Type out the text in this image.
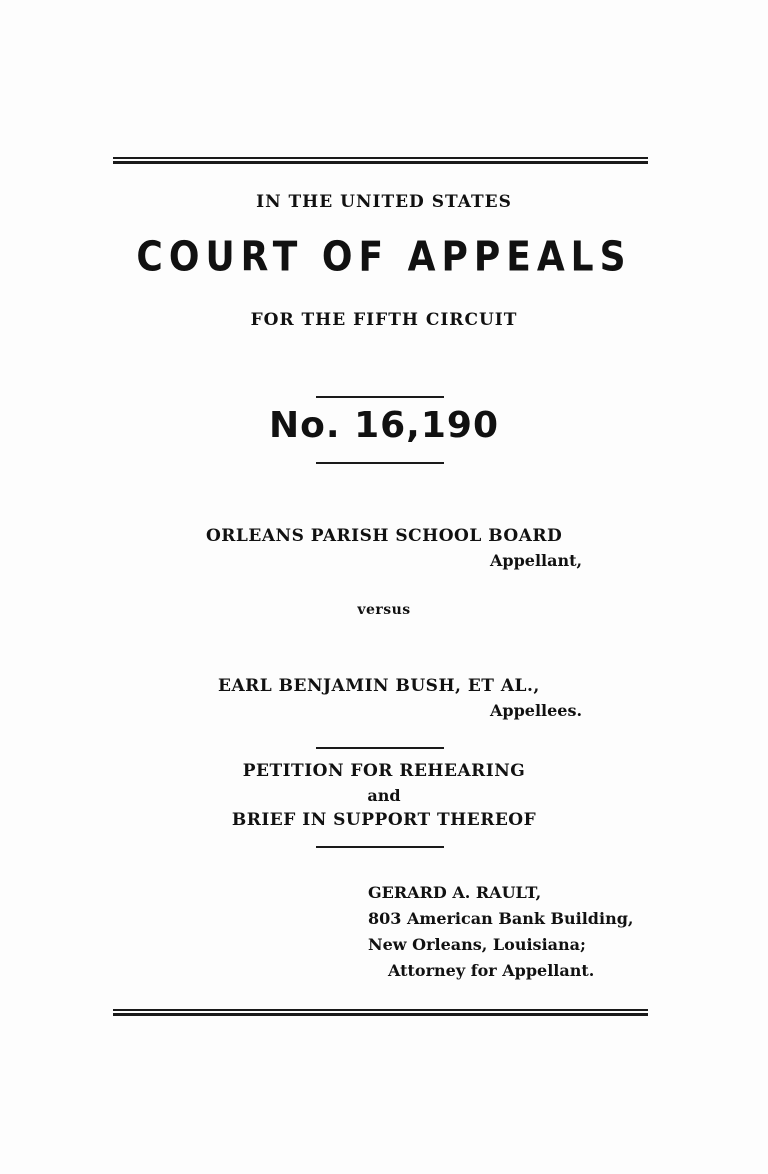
IN THE UNITED STATES
COURT OF APPEALS
FOR THE FIFTH CIRCUIT
No. 16,190
ORLEANS PARISH SCHOOL BOARD
Appellant,
versus
EARL BENJAMIN BUSH, ET AL.,
Appellees.
PETITION FOR REHEARING
and
BRIEF IN SUPPORT THEREOF
GERARD A. RAULT,
803 American Bank Building,
New Orleans, Louisiana;
Attorney for Appellant.
